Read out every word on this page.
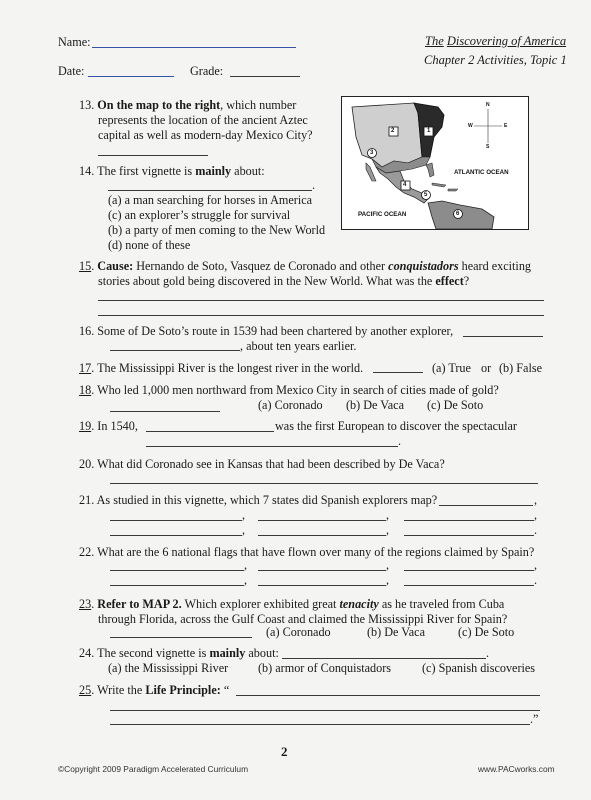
Name:
Date:	Grade:
The Discovering of America
Chapter 2 Activities, Topic 1
2	1
3
4
5
6
N
S
W	E
ATLANTIC OCEAN
PACIFIC OCEAN
13. On the map to the right, which number
represents the location of the ancient Aztec
capital as well as modern-day Mexico City?
14. The first vignette is mainly about:
.
(a) a man searching for horses in America
(c) an explorer’s struggle for survival
(b) a party of men coming to the New World
(d) none of these
15. Cause: Hernando de Soto, Vasquez de Coronado and other conquistadors heard exciting
stories about gold being discovered in the New World. What was the effect?
16. Some of De Soto’s route in 1539 had been chartered by another explorer,
, about ten years earlier.
17. The Mississippi River is the longest river in the world.	(a) True or (b) False
18. Who led 1,000 men northward from Mexico City in search of cities made of gold?
(a) Coronado (b) De Vaca (c) De Soto
19. In 1540,	was the first European to discover the spectacular
.
20. What did Coronado see in Kansas that had been described by De Vaca?
21. As studied in this vignette, which 7 states did Spanish explorers map?	,
,	,	,
,	,	.
22. What are the 6 national flags that have flown over many of the regions claimed by Spain?
,	,	,
,	,	.
23. Refer to MAP 2. Which explorer exhibited great tenacity as he traveled from Cuba
through Florida, across the Gulf Coast and claimed the Mississippi River for Spain?
(a) Coronado	(b) De Vaca	(c) De Soto
24. The second vignette is mainly about:	.
(a) the Mississippi River (b) armor of Conquistadors	(c) Spanish discoveries
25. Write the Life Principle: “
.”
2
©Copyright 2009 Paradigm Accelerated Curriculum	www.PACworks.com
